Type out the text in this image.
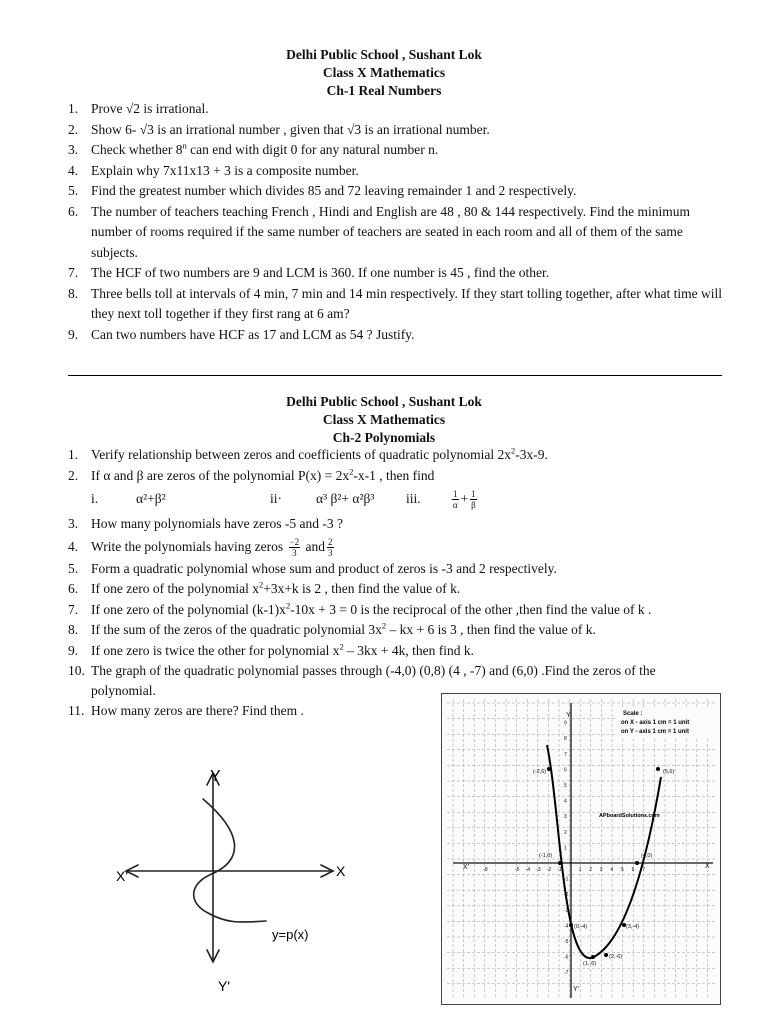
Delhi Public School , Sushant Lok
Class X Mathematics
Ch-1 Real Numbers
1. Prove √2 is irrational.
2. Show 6- √3 is an irrational number , given that √3 is an irrational number.
3. Check whether 8$^n$ can end with digit 0 for any natural number n.
4. Explain why 7x11x13 + 3 is a composite number.
5. Find the greatest number which divides 85 and 72 leaving remainder 1 and 2 respectively.
6. The number of teachers teaching French , Hindi and English are 48 , 80 & 144 respectively. Find the minimum number of rooms required if the same number of teachers are seated in each room and all of them of the same subjects.
7. The HCF of two numbers are 9 and LCM is 360. If one number is 45 , find the other.
8. Three bells toll at intervals of 4 min, 7 min and 14 min respectively. If they start tolling together, after what time will they next toll together if they first rang at 6 am?
9. Can two numbers have HCF as 17 and LCM as 54 ? Justify.
Delhi Public School , Sushant Lok
Class X Mathematics
Ch-2 Polynomials
1. Verify relationship between zeros and coefficients of quadratic polynomial $2x^2-3x-9$.
2. If α and β are zeros of the polynomial $P(x) = 2x^2-x-1$ , then find
i.	α²+β²	ii·	α³ β²+ α²β³ iii.	$\frac{1}{\alpha} + \frac{1}{\beta}$
3. How many polynomials have zeros -5 and -3 ?
4. Write the polynomials having zeros $\frac{-2}{3}$ and $\frac{2}{3}$
5. Form a quadratic polynomial whose sum and product of zeros is -3 and 2 respectively.
6. If one zero of the polynomial $x^2+3x+k$ is 2 , then find the value of k.
7. If one zero of the polynomial $(k-1)x^2-10x + 3 = 0$ is the reciprocal of the other ,then find the value of k .
8. If the sum of the zeros of the quadratic polynomial $3x^2$ – kx + 6 is 3 , then find the value of k.
9. If one zero is twice the other for polynomial $x^2 - 3kx + 4k$, then find k.
10. The graph of the quadratic polynomial passes through (-4,0) (0,8) (4 , -7) and (6,0) .Find the zeros of the polynomial.
11. How many zeros are there? Find them .
Y
X
X'
y=p(x)
Y'
Scale :
on X - axis 1 cm = 1 unit
on Y - axis 1 cm = 1 unit
APboardSolutions.com
Y
X
X'
Y'
(-2,6)	(5,6)
(-1,0)	(4,0)
(0,-4)	(3,-4)
(1,-6)
(2,-6)
-8	-5 -4 -3 -2 -1	1 2 3 4 5 6 7
9
8
7
6
5
4
3
2
1
-1
-2
-3
-4
-5
-6
-7
